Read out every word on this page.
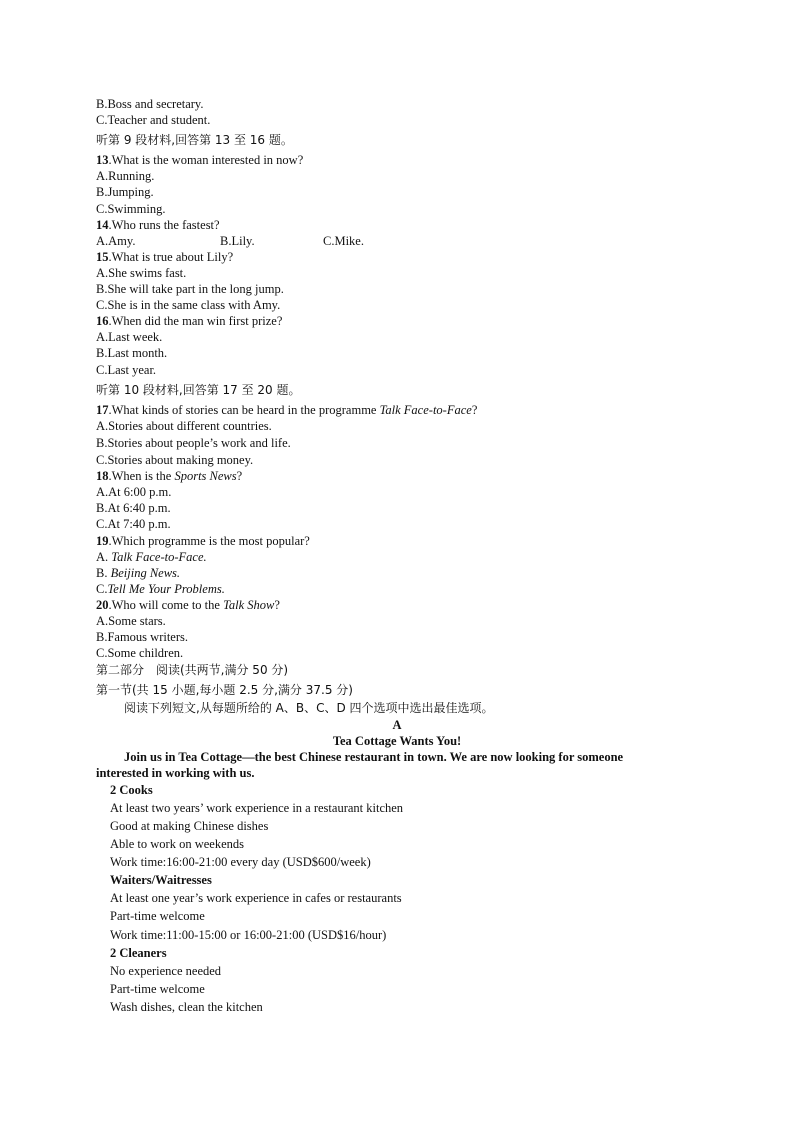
B.Boss and secretary.
C.Teacher and student.
听第 9 段材料,回答第 13 至 16 题。
13.What is the woman interested in now?
A.Running.
B.Jumping.
C.Swimming.
14.Who runs the fastest?
A.Amy.	B.Lily.	C.Mike.
15.What is true about Lily?
A.She swims fast.
B.She will take part in the long jump.
C.She is in the same class with Amy.
16.When did the man win first prize?
A.Last week.
B.Last month.
C.Last year.
听第 10 段材料,回答第 17 至 20 题。
17.What kinds of stories can be heard in the programme Talk Face-to-Face?
A.Stories about different countries.
B.Stories about people’s work and life.
C.Stories about making money.
18.When is the Sports News?
A.At 6:00 p.m.
B.At 6:40 p.m.
C.At 7:40 p.m.
19.Which programme is the most popular?
A. Talk Face-to-Face.
B. Beijing News.
C.Tell Me Your Problems.
20.Who will come to the Talk Show?
A.Some stars.
B.Famous writers.
C.Some children.
第二部分　阅读(共两节,满分 50 分)
第一节(共 15 小题,每小题 2.5 分,满分 37.5 分)
阅读下列短文,从每题所给的 A、B、C、D 四个选项中选出最佳选项。
A
Tea Cottage Wants You!
Join us in Tea Cottage—the best Chinese restaurant in town. We are now looking for someone
interested in working with us.
2 Cooks
At least two years’ work experience in a restaurant kitchen
Good at making Chinese dishes
Able to work on weekends
Work time:16:00-21:00 every day (USD$600/week)
Waiters/Waitresses
At least one year’s work experience in cafes or restaurants
Part-time welcome
Work time:11:00-15:00 or 16:00-21:00 (USD$16/hour)
2 Cleaners
No experience needed
Part-time welcome
Wash dishes, clean the kitchen
